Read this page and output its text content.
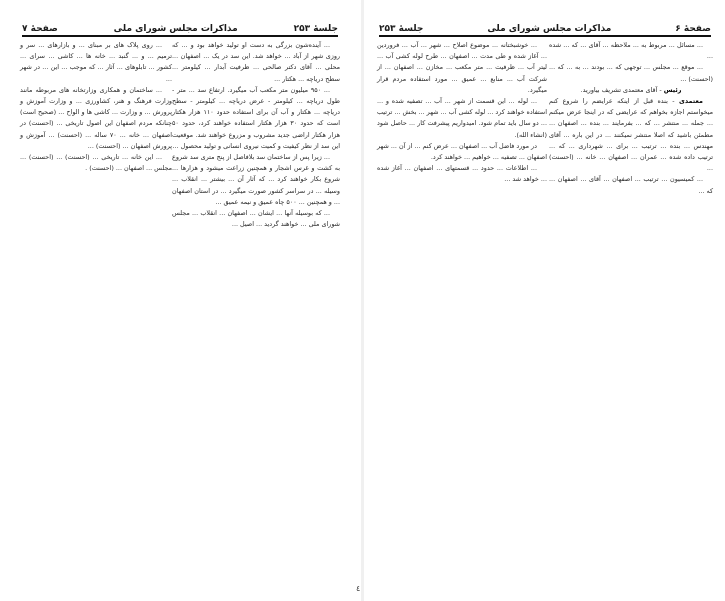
جلسهٔ ۲۵۳
مذاکرات مجلس شورای ملی
صفحهٔ ۷

... آینده‌شون بزرگی به دست او تولید خواهد بود و ... که روزی شهر از آباد ... خواهد شد. این سد در یک ... اصفهان ... محلی ... آقای دکتر صالحی ... ظرفیت آبدار ... کیلومتر ... سطح دریاچه ... هکتار ...

... ۹۵۰ میلیون متر مکعب آب میگیرد. ارتفاع سد ... متر - طول دریاچه ... کیلومتر - عرض دریاچه ... کیلومتر - سطح دریاچه ... هکتار و آب آن برای استفاده حدود ۱۱۰ هزار هکتار است که حدود ۳۰ هزار هکتار استفاده خواهند کرد، حدود ۵۰ هزار هکتار اراضی جدید مشروب و مزروع خواهند شد. موقعیت این سد از نظر کیفیت و کمیت نیروی انسانی و تولید محصول ...

... زیرا پس از ساختمان سد بلافاصل از پنج متری سد شروع به کشت و غرس اشجار و همچنین زراعت میشود و هزارها ... شروع بکار خواهند کرد ... که آثار آن ... بیشتر ... انقلاب ... وسیله ... در سراسر کشور صورت میگیرد ... در استان اصفهان ... و همچنین ... ۵۰۰ چاه عمیق و نیمه عمیق ...

... که بوسیله آنها ... ایشان ... اصفهان ... انقلاب ... مجلس شورای ملی ... خواهند گردید ... اصیل ...

... روی پلاک های بر مبنای ... و بازارهای ... سر و ترمیم ... و ... گنبد ... خانه ها ... کاشی ... سرای ... کشور ... تابلوهای ... آثار ... که موجب ... این ... در شهر ...

... ساختمان و همکاری وزارتخانه های مربوطه مانند وزارت فرهنگ و هنر، کشاورزی ... و وزارت آموزش و پرورش ... و وزارت ... کاشی ها و الواح ... (صحیح است) چنانکه مردم اصفهان این اصول تاریخی ... (احسنت) در اصفهان ... خانه ... ۷۰ ساله ... (احسنت) ... آموزش و پرورش اصفهان ... (احسنت) ...

... این خانه ... تاریخی ... (احسنت) ... (احسنت) ... مجلس ... اصفهان ... (احسنت) .

صفحهٔ ۶
مذاکرات مجلس شورای ملی
جلسهٔ ۲۵۳

... مسائل ... مربوط به ... ملاحظه ... آقای ... که ... شده ...

... موقع ... مجلس ... توجهی که ... بودند ... به ... که ... (احسنت) ...

رئیس - آقای معتمدی تشریف بیاورید.

معتمدی - بنده قبل از اینکه عرایضم را شروع کنم میخواستم اجازه بخواهم که عرایضی که در اینجا عرض میکنم ... جمله ... منتشر ... که ... بفرمایند ... بنده ... اصفهان ... مطمئن باشید که اصلا منتشر نمیکنند ... در این باره ... آقای مهندس ... بنده ... ترتیب ... برای ... شهرداری ... که ... ترتیب داده شده ... عمران ... اصفهان ... خانه ... (احسنت) ...

... کمیسیون ... ترتیب ... اصفهان ... آقای ... اصفهان ... که ...

... خوشبختانه ... موضوع اصلاح ... شهر ... آب ... فروردین ... آغاز شده و طی مدت ... اصفهان ... طرح لوله کشی آب ... لیتر آب ... ظرفیت ... متر مکعب ... مخازن ... اصفهان ... از شرکت آب ... منابع ... عمیق ... مورد استفاده مردم قرار میگیرد.

... لوله ... این قسمت از شهر ... آب ... تصفیه شده و ... استفاده خواهند کرد ... لوله کشی آب ... شهر ... بخش ... ترتیب ... دو سال باید تمام شود. امیدواریم پیشرفت کار ... حاصل شود (انشاء الله).

در مورد فاضل آب ... اصفهان ... عرض کنم ... از آن ... شهر اصفهان ... تصفیه ... خواهیم ... خواهند کرد.

... اطلاعات ... حدود ... قسمتهای ... اصفهان ... آغاز شده ... خواهد شد ...

٤
